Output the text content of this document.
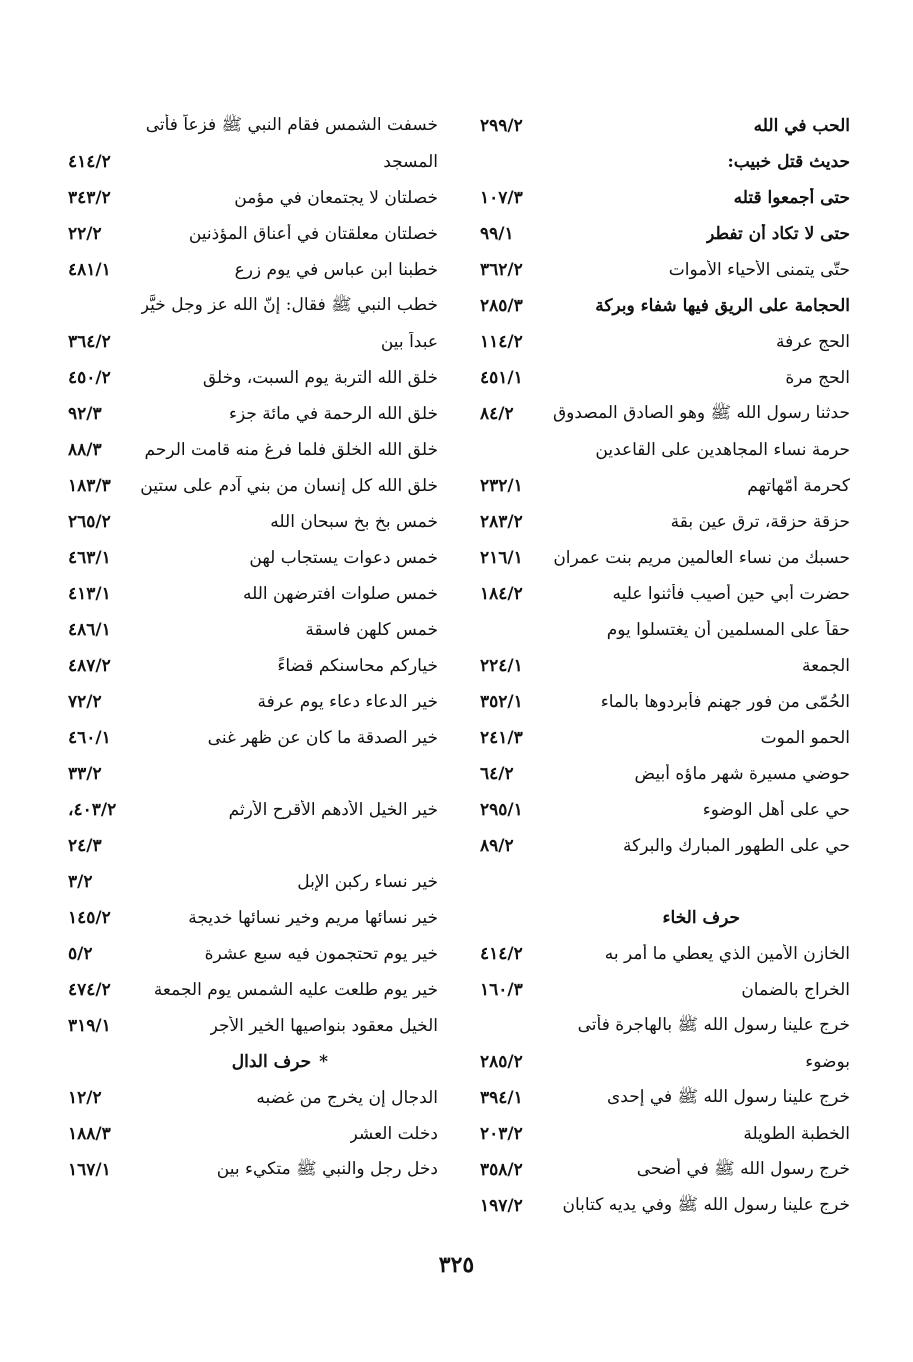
الحب في الله
٢٩٩/٢
حديث قتل خبيب:
حتى أجمعوا قتله
١٠٧/٣
حتى لا تكاد أن تفطر
٩٩/١
حتّى يتمنى الأحياء الأموات
٣٦٢/٢
الحجامة على الريق فيها شفاء وبركة
٢٨٥/٣
الحج عرفة
١١٤/٢
الحج مرة
٤٥١/١
حدثنا رسول الله ﷺ وهو الصادق المصدوق
٨٤/٢
حرمة نساء المجاهدين على القاعدين
كحرمة أمّهاتهم
٢٣٢/١
حزقة حزقة، ترق عين بقة
٢٨٣/٢
حسبك من نساء العالمين مريم بنت عمران
٢١٦/١
حضرت أبي حين أصيب فأثنوا عليه
١٨٤/٢
حقاً على المسلمين أن يغتسلوا يوم
الجمعة
٢٢٤/١
الحُمّى من فور جهنم فأبردوها بالماء
٣٥٢/١
الحمو الموت
٢٤١/٣
حوضي مسيرة شهر ماؤه أبيض
٦٤/٢
حي على أهل الوضوء
٢٩٥/١
حي على الطهور المبارك والبركة
٨٩/٢
حرف الخاء
الخازن الأمين الذي يعطي ما أُمر به
٤١٤/٢
الخراج بالضمان
١٦٠/٣
خرج علينا رسول الله ﷺ بالهاجرة فأتى
بوضوء
٢٨٥/٢
خرج علينا رسول الله ﷺ في إحدى
٣٩٤/١
الخطبة الطويلة
٢٠٣/٢
خرج رسول الله ﷺ في أضحى
٣٥٨/٢
خرج علينا رسول الله ﷺ وفي يديه كتابان
١٩٧/٢
خسفت الشمس فقام النبي ﷺ فزعاً فأتى
المسجد
٤١٤/٢
خصلتان لا يجتمعان في مؤمن
٣٤٣/٢
خصلتان معلقتان في أعناق المؤذنين
٢٢/٢
خطبنا ابن عباس في يوم زرع
٤٨١/١
خطب النبي ﷺ فقال: إنّ الله عز وجل خيَّر
عبداً بين
٣٦٤/٢
خلق الله التربة يوم السبت، وخلق
٤٥٠/٢
خلق الله الرحمة في مائة جزء
٩٢/٣
خلق الله الخلق فلما فرغ منه قامت الرحم
٨٨/٣
خلق الله كل إنسان من بني آدم على ستين
١٨٣/٣
خمس بخ بخ سبحان الله
٢٦٥/٢
خمس دعوات يستجاب لهن
٤٦٣/١
خمس صلوات افترضهن الله
٤١٣/١
خمس كلهن فاسقة
٤٨٦/١
خياركم محاسنكم قضاءً
٤٨٧/٢
خير الدعاء دعاء يوم عرفة
٧٢/٢
خير الصدقة ما كان عن ظهر غنى
٤٦٠/١
٣٣/٢
خير الخيل الأدهم الأقرح الأرثم
٤٠٣/٢،
٢٤/٣
خير نساء ركبن الإبل
٣/٢
خير نسائها مريم وخير نسائها خديجة
١٤٥/٢
خير يوم تحتجمون فيه سبع عشرة
٥/٢
خير يوم طلعت عليه الشمس يوم الجمعة
٤٧٤/٢
الخيل معقود بنواصيها الخير الأجر
٣١٩/١
*
حرف الدال
الدجال إن يخرج من غضبه
١٢/٢
دخلت العشر
١٨٨/٣
دخل رجل والنبي ﷺ متكيء بين
١٦٧/١
٣٢٥
